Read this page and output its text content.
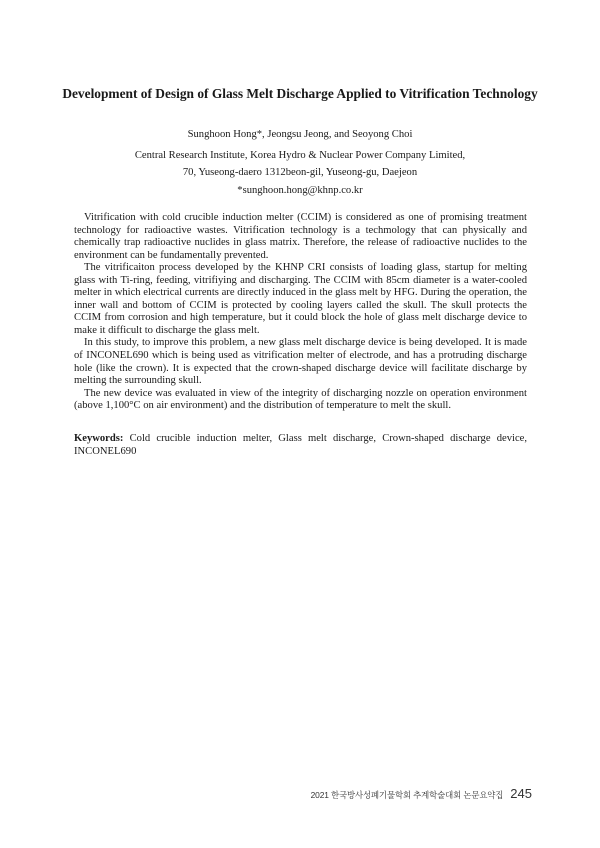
Development of Design of Glass Melt Discharge Applied to Vitrification Technology
Sunghoon Hong*, Jeongsu Jeong, and Seoyong Choi
Central Research Institute, Korea Hydro & Nuclear Power Company Limited,
70, Yuseong-daero 1312beon-gil, Yuseong-gu, Daejeon
*sunghoon.hong@khnp.co.kr

Vitrification with cold crucible induction melter (CCIM) is considered as one of promising treatment technology for radioactive wastes. Vitrification technology is a techmology that can physically and chemically trap radioactive nuclides in glass matrix. Therefore, the release of radioactive nuclides to the environment can be fundamentally prevented.

The vitrificaiton process developed by the KHNP CRI consists of loading glass, startup for melting glass with Ti-ring, feeding, vitrifiying and discharging. The CCIM with 85cm diameter is a water-cooled melter in which electrical currents are directly induced in the glass melt by HFG. During the operation, the inner wall and bottom of CCIM is protected by cooling layers called the skull. The skull protects the CCIM from corrosion and high temperature, but it could block the hole of glass melt discharge device to make it difficult to discharge the glass melt.

In this study, to improve this problem, a new glass melt discharge device is being developed. It is made of INCONEL690 which is being used as vitrification melter of electrode, and has a protruding discharge hole (like the crown). It is expected that the crown-shaped discharge device will facilitate discharge by melting the surrounding skull.

The new device was evaluated in view of the integrity of discharging nozzle on operation environment (above 1,100°C on air environment) and the distribution of temperature to melt the skull.

Keywords: Cold crucible induction melter, Glass melt discharge, Crown-shaped discharge device, INCONEL690
2021 한국방사성폐기물학회 추계학술대회 논문요약집 245
